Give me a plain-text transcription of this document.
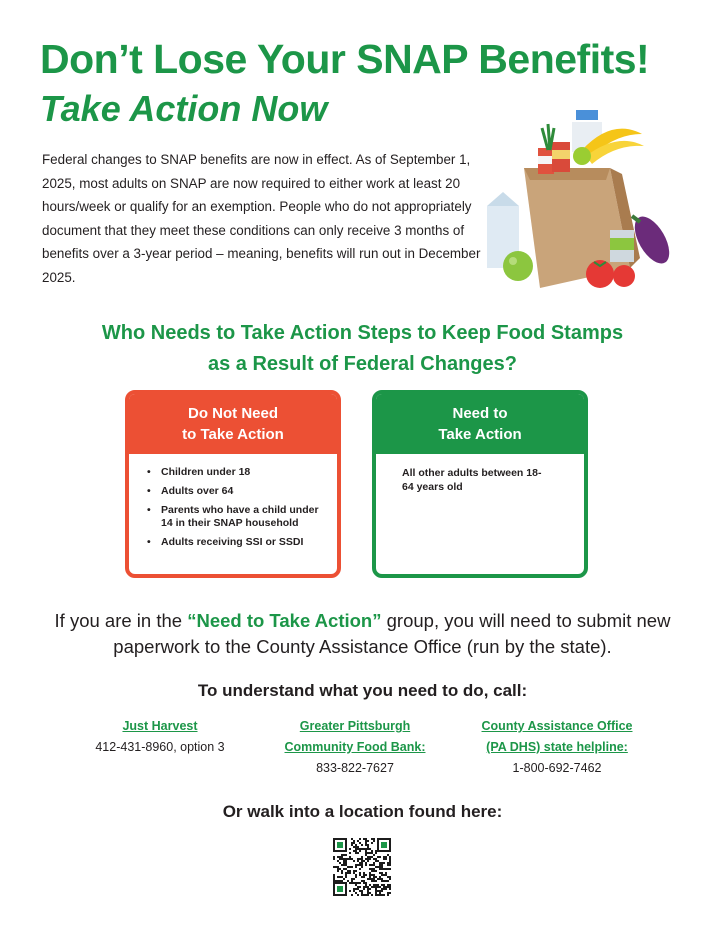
Don’t Lose Your SNAP Benefits!
Take Action Now

Federal changes to SNAP benefits are now in effect. As of September 1, 2025, most adults on SNAP are now required to either work at least 20 hours/week or qualify for an exemption. People who do not appropriately document that they meet these conditions can only receive 3 months of benefits over a 3-year period – meaning, benefits will run out in December 2025.

Who Needs to Take Action Steps to Keep Food Stamps
as a Result of Federal Changes?
Do Not Need
to Take Action
• Children under 18
• Adults over 64
• Parents who have a child under 14 in their SNAP household
• Adults receiving SSI or SSDI
Need to
Take Action

All other adults between 18-64 years old

If you are in the “Need to Take Action” group, you will need to submit new paperwork to the County Assistance Office (run by the state).

To understand what you need to do, call:
Just Harvest
412-431-8960, option 3
Greater Pittsburgh
Community Food Bank:
833-822-7627
County Assistance Office
(PA DHS) state helpline:
1-800-692-7462
Or walk into a location found here:
